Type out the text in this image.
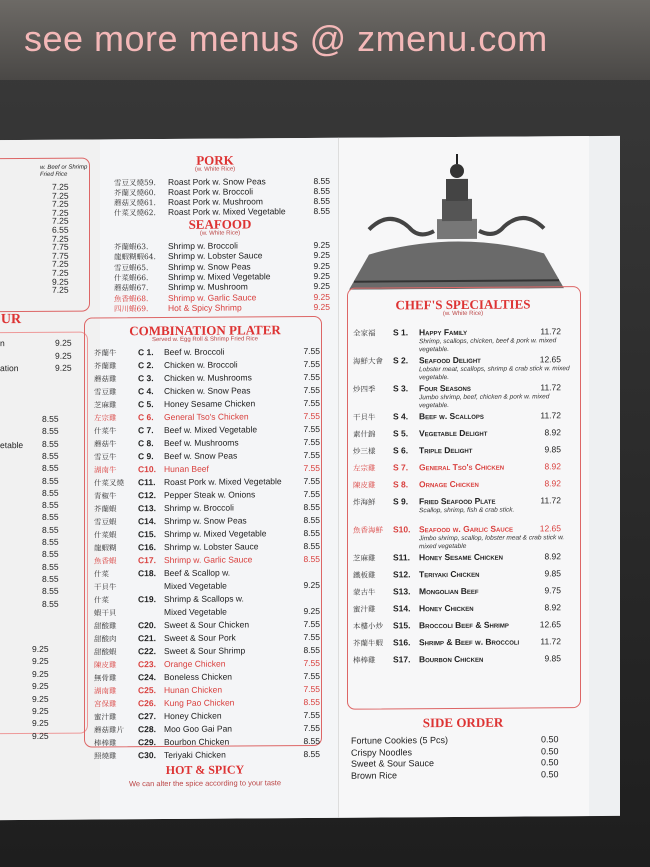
see more menus @ zmenu.com
w. Beef or Shrimp Fried Rice
UR
7.25
7.25
7.25
7.25
7.25
6.55
7.25
7.75
7.75
7.25
7.25
9.25
7.25
n
ation
9.25
9.25
9.25
etable
8.55
8.55
8.55
8.55
8.55
8.55
8.55
8.55
8.55
8.55
8.55
8.55
8.55
8.55
8.55
8.55
9.25
9.25
9.25
9.25
9.25
9.25
9.25
9.25
PORK
(w. White Rice)
SEAFOOD
(w. White Rice)
COMBINATION PLATER
Served w. Egg Roll & Shrimp Fried Rice
HOT & SPICY
We can alter the spice according to your taste
雪豆叉燒59. Roast Pork w. Snow Peas	8.55
芥蘭叉燒60. Roast Pork w. Broccoli	8.55
蘑菇叉燒61. Roast Pork w. Mushroom	8.55
什菜叉燒62. Roast Pork w. Mixed Vegetable	8.55
芥蘭蝦63. Shrimp w. Broccoli	9.25
龍蝦糊蝦64. Shrimp w. Lobster Sauce	9.25
雪豆蝦65. Shrimp w. Snow Peas	9.25
什菜蝦66. Shrimp w. Mixed Vegetable	9.25
蘑菇蝦67. Shrimp w. Mushroom	9.25
魚香蝦68. Shrimp w. Garlic Sauce	9.25
四川蝦69. Hot & Spicy Shrimp	9.25
芥蘭牛	C 1. Beef w. Broccoli	7.55
芥蘭雞	C 2. Chicken w. Broccoli	7.55
蘑菇雞	C 3. Chicken w. Mushrooms	7.55
雪豆雞	C 4. Chicken w. Snow Peas	7.55
芝麻雞	C 5. Honey Sesame Chicken	7.55
左宗雞	C 6. General Tso's Chicken	7.55
什菜牛	C 7. Beef w. Mixed Vegetable	7.55
蘑菇牛	C 8. Beef w. Mushrooms	7.55
雪豆牛	C 9. Beef w. Snow Peas	7.55
湖南牛	C10. Hunan Beef	7.55
什菜叉燒 C11. Roast Pork w. Mixed Vegetable	7.55
青椒牛	C12. Pepper Steak w. Onions	7.55
芥蘭蝦	C13. Shrimp w. Broccoli	8.55
雪豆蝦	C14. Shrimp w. Snow Peas	8.55
什菜蝦	C15. Shrimp w. Mixed Vegetable	8.55
龍蝦糊	C16. Shrimp w. Lobster Sauce	8.55
魚香蝦	C17. Shrimp w. Garlic Sauce	8.55
什菜	C18. Beef & Scallop w.
干貝牛	Mixed Vegetable	9.25
什菜	C19. Shrimp & Scallops w.
蝦干貝	Mixed Vegetable	9.25
甜酸雞	C20. Sweet & Sour Chicken	7.55
甜酸肉	C21. Sweet & Sour Pork	7.55
甜酸蝦	C22. Sweet & Sour Shrimp	8.55
陳皮雞	C23. Orange Chicken	7.55
無骨雞	C24. Boneless Chicken	7.55
湖南雞	C25. Hunan Chicken	7.55
宮保雞	C26. Kung Pao Chicken	8.55
蜜汁雞	C27. Honey Chicken	7.55
蘑菇雞片 C28. Moo Goo Gai Pan	7.55
棒棒雞	C29. Bourbon Chicken	8.55
照燒雞	C30. Teriyaki Chicken	8.55
CHEF'S SPECIALTIES
(w. White Rice)
SIDE ORDER
全家福 S 1. Happy Family	11.72
Shrimp, scallops, chicken, beef & pork w. mixed vegetable.
海鮮大會 S 2. Seafood Delight	12.65
Lobster meat, scallops, shrimp & crab stick w. mixed vegetable.
炒四季 S 3. Four Seasons	11.72
Jumbo shrimp, beef, chicken & pork w. mixed vegetable.
干貝牛 S 4. Beef w. Scallops	11.72
素什錦 S 5. Vegetable Delight	8.92
炒三樣 S 6. Triple Delight	9.85
左宗雞 S 7. General Tso's Chicken	8.92
陳皮雞 S 8. Ornage Chicken	8.92
炸海鮮 S 9. Fried Seafood Plate	11.72
Scallop, shrimp, fish & crab stick.
魚香海鮮 S10. Seafood w. Garlic Sauce	12.65
Jimbo shrimp, scallop, lobster meat & crab stick w. mixed vegetable
芝麻雞 S11. Honey Sesame Chicken	8.92
鐵板雞 S12. Teriyaki Chicken	9.85
蒙古牛 S13. Mongolian Beef	9.75
蜜汁雞 S14. Honey Chicken	8.92
本樓小炒 S15. Broccoli Beef & Shrimp	12.65
芥蘭牛蝦 S16. Shrimp & Beef w. Broccoli 11.72
棒棒雞 S17. Bourbon Chicken	9.85
Fortune Cookies (5 Pcs)	0.50
Crispy Noodles	0.50
Sweet & Sour Sauce	0.50
Brown Rice	0.50
